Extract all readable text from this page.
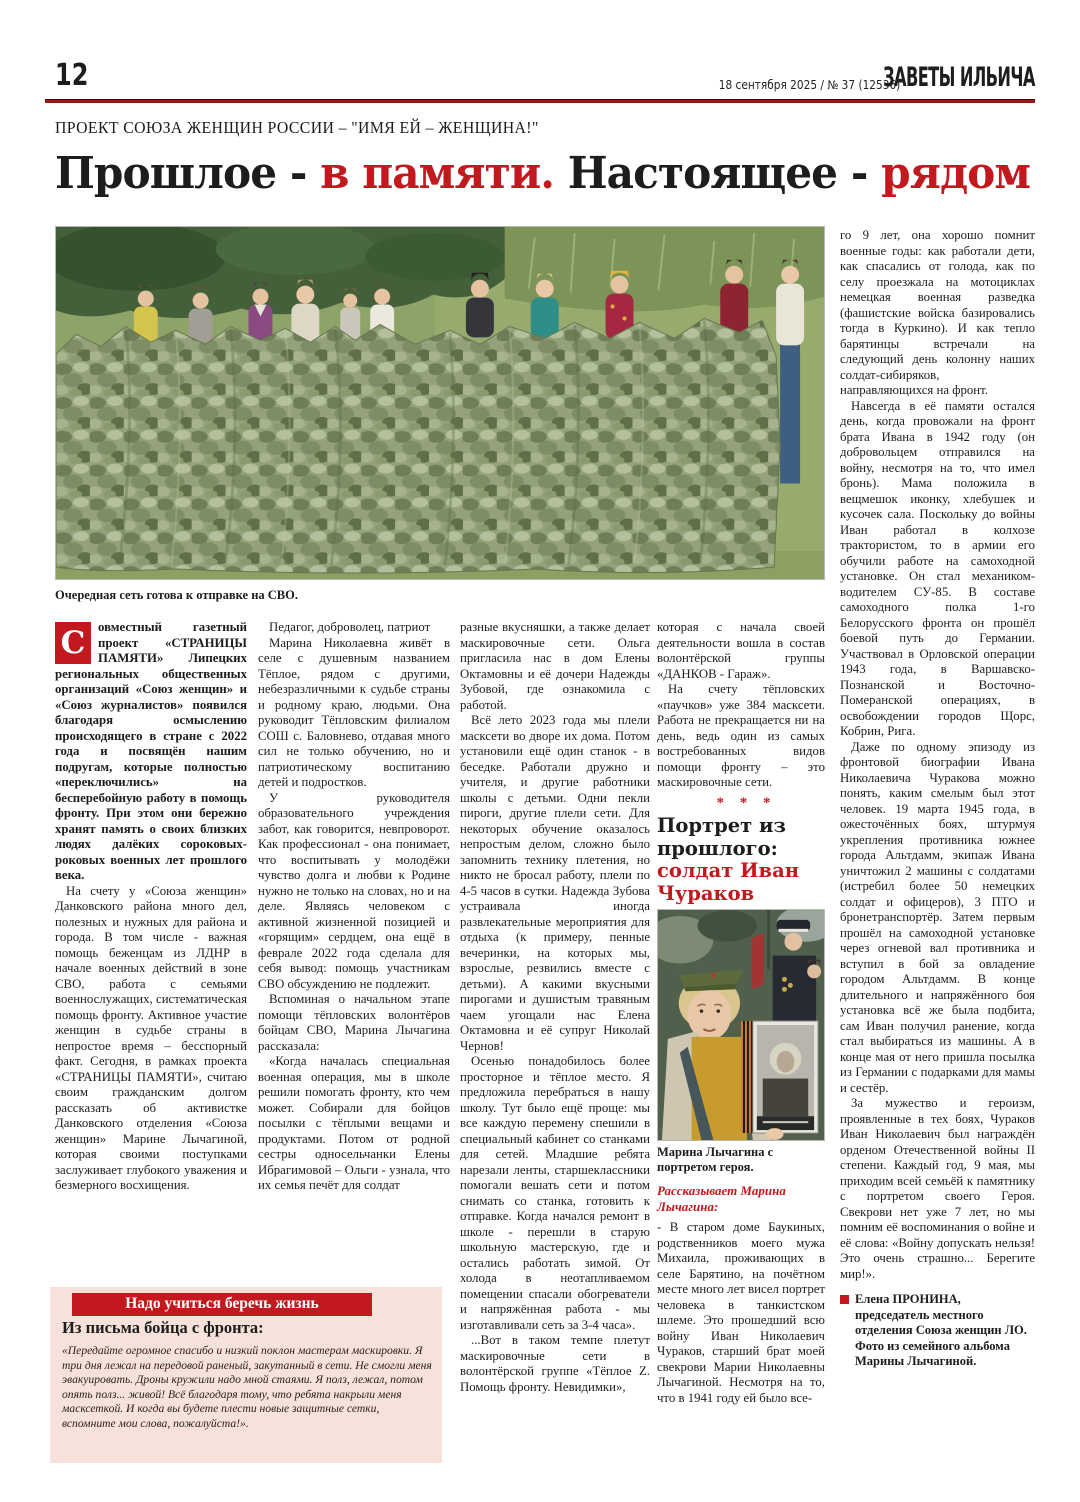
12	18 сентября 2025 / № 37 (12536)
ЗАВЕТЫ ИЛЬИЧА
ПРОЕКТ СОЮЗА ЖЕНЩИН РОССИИ – "ИМЯ ЕЙ – ЖЕНЩИНА!"
Прошлое - в памяти. Настоящее - рядом
Очередная сеть готова к отправке на СВО.

С овместный газетный проект «СТРАНИЦЫ ПАМЯТИ» Липецких региональных общественных организаций «Союз женщин» и «Союз журналистов» появился благодаря осмыслению происходящего в стране с 2022 года и посвящён нашим подругам, которые полностью «переключились» на бесперебойную работу в помощь фронту. При этом они бережно хранят память о своих близких людях далёких сороковых-роковых военных лет прошлого века.

На счету у «Союза женщин» Данковского района много дел, полезных и нужных для района и города. В том числе - важная помощь беженцам из ЛДНР в начале военных действий в зоне СВО, работа с семьями военнослужащих, систематическая помощь фронту. Активное участие женщин в судьбе страны в непростое время – бесспорный факт. Сегодня, в рамках проекта «СТРАНИЦЫ ПАМЯТИ», считаю своим гражданским долгом рассказать об активистке Данковского отделения «Союза женщин» Марине Лычагиной, которая своими поступками заслуживает глубокого уважения и безмерного восхищения.

Педагог, доброволец, патриот

Марина Николаевна живёт в селе с душевным названием Тёплое, рядом с другими, небезразличными к судьбе страны и родному краю, людьми. Она руководит Тёпловским филиалом СОШ с. Баловнево, отдавая много сил не только обучению, но и патриотическому воспитанию детей и подростков.

У руководителя образовательного учреждения забот, как говорится, невпроворот. Как профессионал - она понимает, что воспитывать у молодёжи чувство долга и любви к Родине нужно не только на словах, но и на деле. Являясь человеком с активной жизненной позицией и «горящим» сердцем, она ещё в феврале 2022 года сделала для себя вывод: помощь участникам СВО обсуждению не подлежит.

Вспоминая о начальном этапе помощи тёпловских волонтёров бойцам СВО, Марина Лычагина рассказала:

«Когда началась специальная военная операция, мы в школе решили помогать фронту, кто чем может. Собирали для бойцов посылки с тёплыми вещами и продуктами. Потом от родной сестры односельчанки Елены Ибрагимовой – Ольги - узнала, что их семья печёт для солдат

разные вкусняшки, а также делает маскировочные сети. Ольга пригласила нас в дом Елены Октамовны и её дочери Надежды Зубовой, где ознакомила с работой.

Всё лето 2023 года мы плели масксети во дворе их дома. Потом установили ещё один станок - в беседке. Работали дружно и учителя, и другие работники школы с детьми. Одни пекли пироги, другие плели сети. Для некоторых обучение оказалось непростым делом, сложно было запомнить технику плетения, но никто не бросал работу, плели по 4-5 часов в сутки. Надежда Зубова устраивала иногда развлекательные мероприятия для отдыха (к примеру, пенные вечеринки, на которых мы, взрослые, резвились вместе с детьми). А какими вкусными пирогами и душистым травяным чаем угощали нас Елена Октамовна и её супруг Николай Чернов!

Осенью понадобилось более просторное и тёплое место. Я предложила перебраться в нашу школу. Тут было ещё проще: мы все каждую перемену спешили в специальный кабинет со станками для сетей. Младшие ребята нарезали ленты, старшеклассники помогали вешать сети и потом снимать со станка, готовить к отправке. Когда начался ремонт в школе - перешли в старую школьную мастерскую, где и остались работать зимой. От холода в неотапливаемом помещении спасали обогреватели и напряжённая работа - мы изготавливали сеть за 3-4 часа».

...Вот в таком темпе плетут маскировочные сети в волонтёрской группе «Тёплое Z. Помощь фронту. Невидимки»,

которая с начала своей деятельности вошла в состав волонтёрской группы «ДАНКОВ - Гараж».

На счету тёпловских «паучков» уже 384 масксети. Работа не прекращается ни на день, ведь один из самых востребованных видов помощи фронту – это маскировочные сети.

* * *

Портрет из прошлого:
солдат Иван Чураков

Марина Лычагина с портретом героя.

Рассказывает Марина Лычагина:

- В старом доме Баукиных, родственников моего мужа Михаила, проживающих в селе Барятино, на почётном месте много лет висел портрет человека в танкистском шлеме. Это прошедший всю войну Иван Николаевич Чураков, старший брат моей свекрови Марии Николаевны Лычагиной. Несмотря на то, что в 1941 году ей было все-

го 9 лет, она хорошо помнит военные годы: как работали дети, как спасались от голода, как по селу проезжала на мотоциклах немецкая военная разведка (фашистские войска базировались тогда в Куркино). И как тепло барятинцы встречали на следующий день колонну наших солдат-сибиряков, направляющихся на фронт.

Навсегда в её памяти остался день, когда провожали на фронт брата Ивана в 1942 году (он добровольцем отправился на войну, несмотря на то, что имел бронь). Мама положила в вещмешок иконку, хлебушек и кусочек сала. Поскольку до войны Иван работал в колхозе трактористом, то в армии его обучили работе на самоходной установке. Он стал механиком-водителем СУ-85. В составе самоходного полка 1-го Белорусского фронта он прошёл боевой путь до Германии. Участвовал в Орловской операции 1943 года, в Варшавско-Познанской и Восточно-Померанской операциях, в освобождении городов Щорс, Кобрин, Рига.

Даже по одному эпизоду из фронтовой биографии Ивана Николаевича Чуракова можно понять, каким смелым был этот человек. 19 марта 1945 года, в ожесточённых боях, штурмуя укрепления противника южнее города Альтдамм, экипаж Ивана уничтожил 2 машины с солдатами (истребил более 50 немецких солдат и офицеров), 3 ПТО и бронетранспортёр. Затем первым прошёл на самоходной установке через огневой вал противника и вступил в бой за овладение городом Альтдамм. В конце длительного и напряжённого боя установка всё же была подбита, сам Иван получил ранение, когда стал выбираться из машины. А в конце мая от него пришла посылка из Германии с подарками для мамы и сестёр.

За мужество и героизм, проявленные в тех боях, Чураков Иван Николаевич был награждён орденом Отечественной войны II степени. Каждый год, 9 мая, мы приходим всей семьёй к памятнику с портретом своего Героя. Свекрови нет уже 7 лет, но мы помним её воспоминания о войне и её слова: «Войну допускать нельзя! Это очень страшно... Берегите мир!».

Елена ПРОНИНА,
председатель местного отделения Союза женщин ЛО.
Фото из семейного альбома Марины Лычагиной.
Надо учиться беречь жизнь
Из письма бойца с фронта:
«Передайте огромное спасибо и низкий поклон мастерам маскировки. Я три дня лежал на передовой раненый, закутанный в сети. Не смогли меня эвакуировать. Дроны кружили надо мной стаями. Я полз, лежал, потом опять полз... живой! Всё благодаря тому, что ребята накрыли меня масксеткой. И когда вы будете плести новые защитные сетки, вспомните мои слова, пожалуйста!».
